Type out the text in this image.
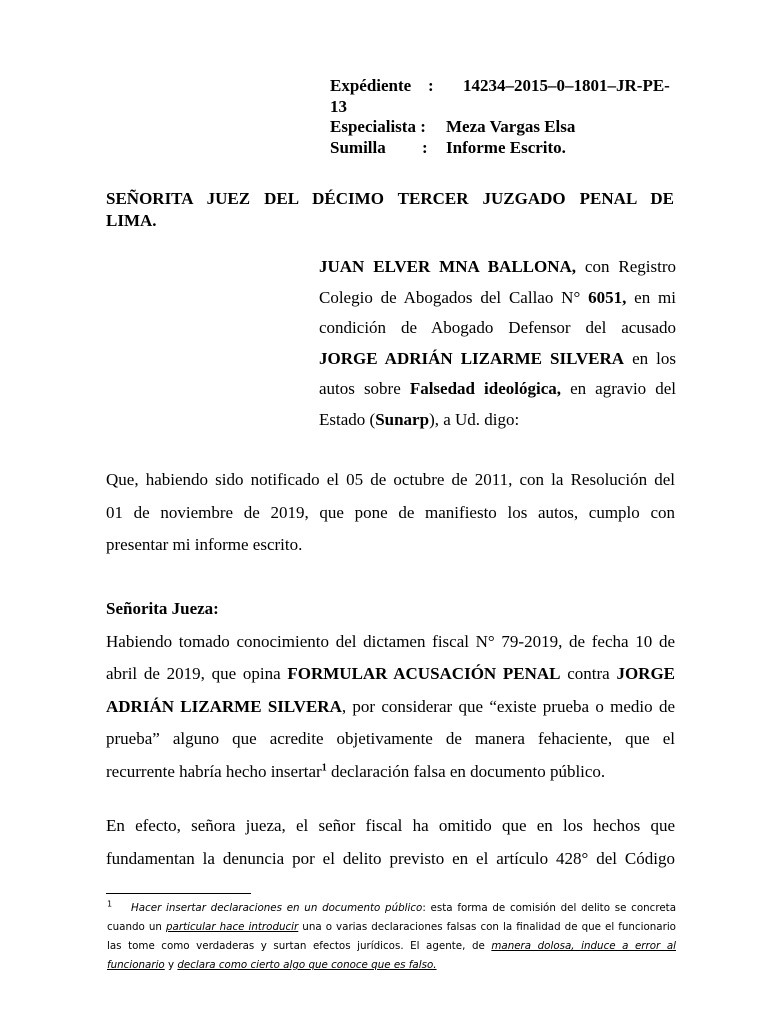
Expédiente : 14234–2015–0–1801–JR-PE-
13
Especialista : Meza Vargas Elsa
Sumilla : Informe Escrito.
SEÑORITA JUEZ DEL DÉCIMO TERCER JUZGADO PENAL DE
LIMA.
JUAN ELVER MNA BALLONA, con Registro Colegio de Abogados del Callao N° 6051, en mi condición de Abogado Defensor del acusado JORGE ADRIÁN LIZARME SILVERA en los autos sobre Falsedad ideológica, en agravio del Estado (Sunarp), a Ud. digo:
Que, habiendo sido notificado el 05 de octubre de 2011, con la Resolución del
01 de noviembre de 2019, que pone de manifiesto los autos, cumplo con
presentar mi informe escrito.
Señorita Jueza:
Habiendo tomado conocimiento del dictamen fiscal N° 79-2019, de fecha 10 de
abril de 2019, que opina FORMULAR ACUSACIÓN PENAL contra JORGE
ADRIÁN LIZARME SILVERA, por considerar que “existe prueba o medio de
prueba” alguno que acredite objetivamente de manera fehaciente, que el
recurrente habría hecho insertar$^1$ declaración falsa en documento público.
En efecto, señora jueza, el señor fiscal ha omitido que en los hechos que
fundamentan la denuncia por el delito previsto en el artículo 428° del Código
$^1$ Hacer insertar declaraciones en un documento público: esta forma de comisión del delito se concreta cuando un particular hace introducir una o varias declaraciones falsas con la finalidad de que el funcionario las tome como verdaderas y surtan efectos jurídicos. El agente, de manera dolosa, induce a error al funcionario y declara como cierto algo que conoce que es falso.
